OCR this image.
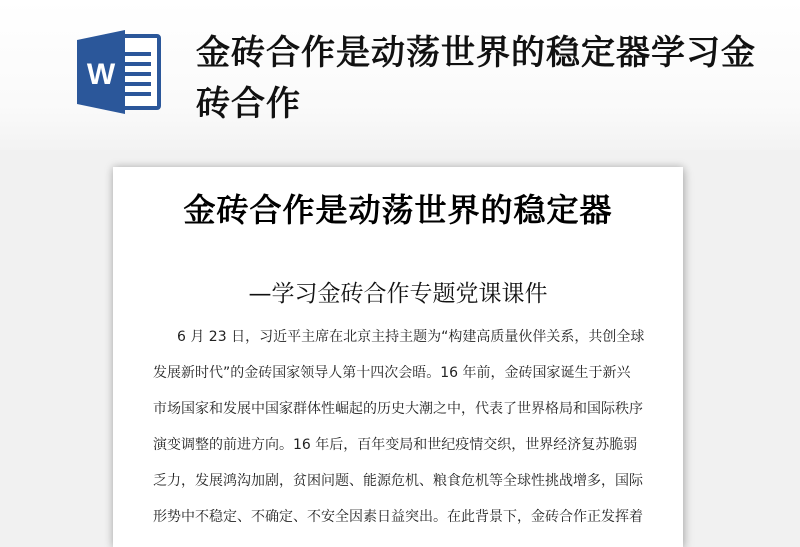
W
金砖合作是动荡世界的稳定器学习金砖合作
金砖合作是动荡世界的稳定器
—学习金砖合作专题党课课件
6 月 23 日，习近平主席在北京主持主题为“构建高质量伙伴关系，共创全球
发展新时代”的金砖国家领导人第十四次会晤。16 年前，金砖国家诞生于新兴
市场国家和发展中国家群体性崛起的历史大潮之中，代表了世界格局和国际秩序
演变调整的前进方向。16 年后，百年变局和世纪疫情交织，世界经济复苏脆弱
乏力，发展鸿沟加剧，贫困问题、能源危机、粮食危机等全球性挑战增多，国际
形势中不稳定、不确定、不安全因素日益突出。在此背景下，金砖合作正发挥着
